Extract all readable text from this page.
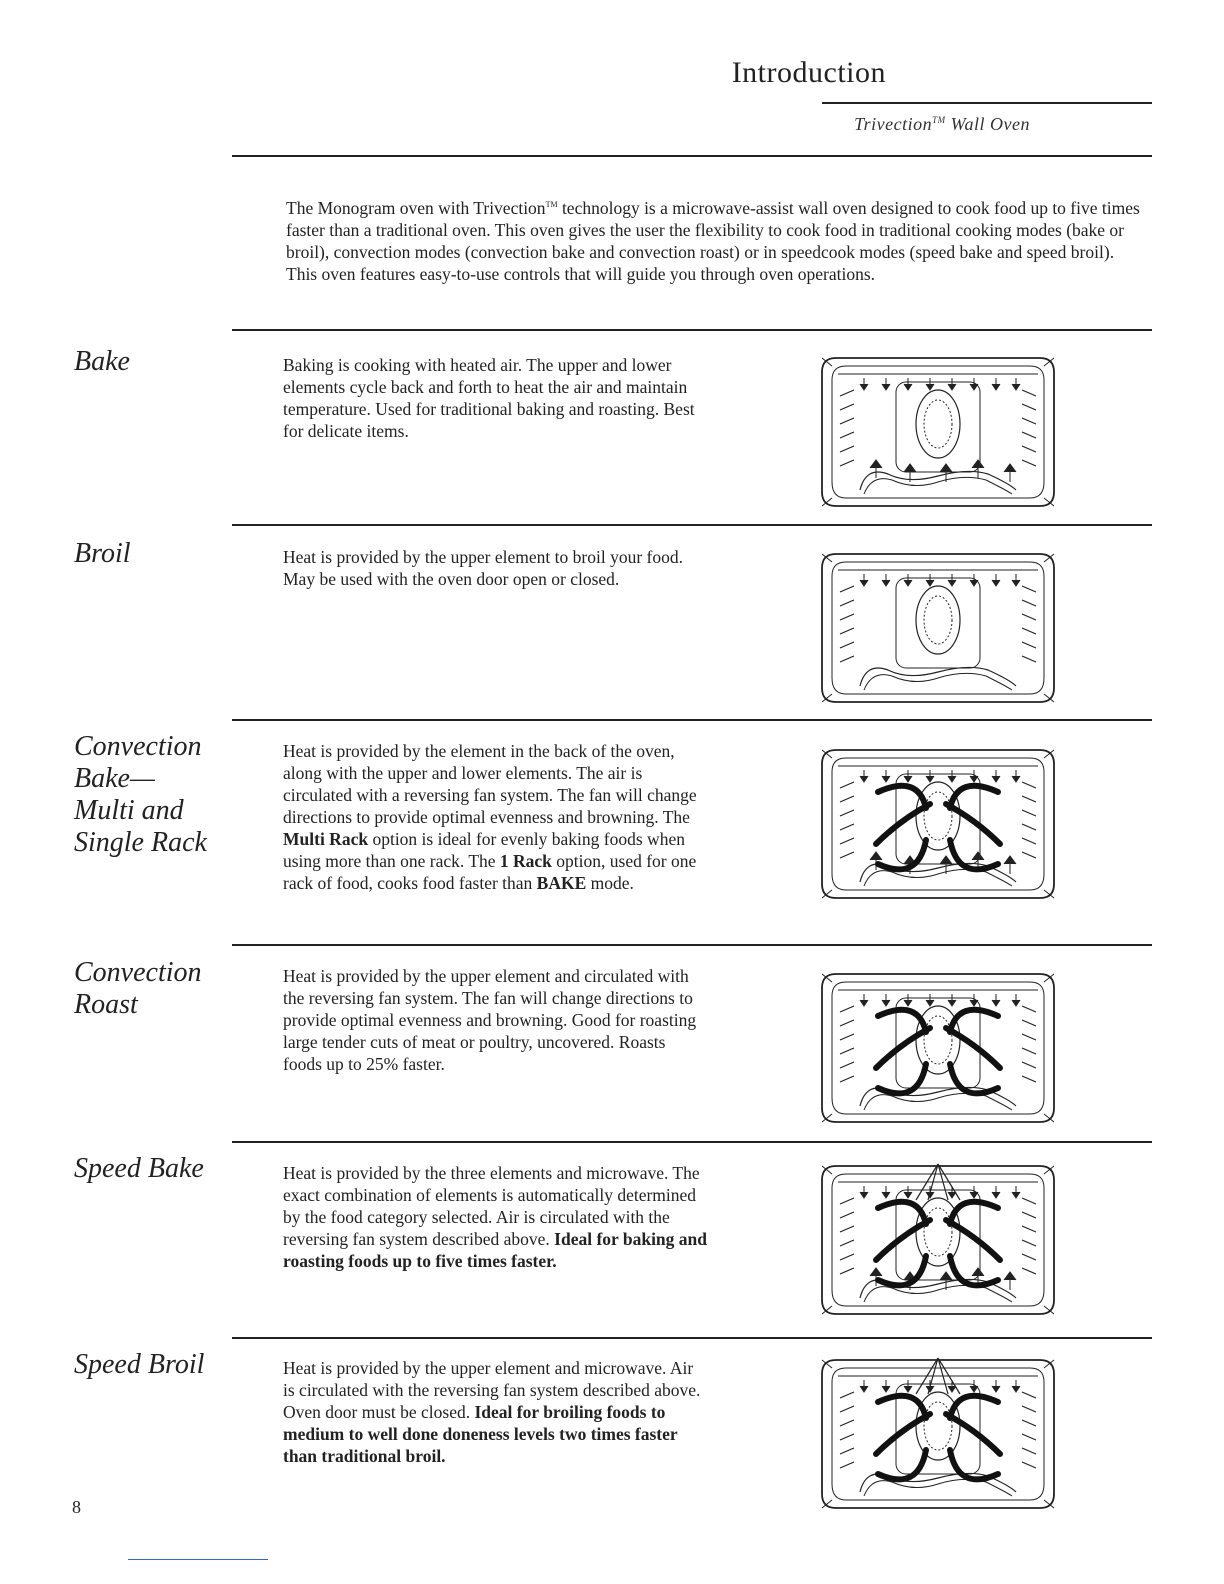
Introduction
Trivection™ Wall Oven
The Monogram oven with Trivection™ technology is a microwave-assist wall oven designed to cook food up to five times faster than a traditional oven. This oven gives the user the flexibility to cook food in traditional cooking modes (bake or broil), convection modes (convection bake and convection roast) or in speedcook modes (speed bake and speed broil). This oven features easy-to-use controls that will guide you through oven operations.
Bake	Baking is cooking with heated air. The upper and lower elements cycle back and forth to heat the air and maintain temperature. Used for traditional baking and roasting. Best for delicate items.
Broil	Heat is provided by the upper element to broil your food. May be used with the oven door open or closed.
Convection
Bake—
Multi and
Single Rack
Heat is provided by the element in the back of the oven, along with the upper and lower elements. The air is circulated with a reversing fan system. The fan will change directions to provide optimal evenness and browning. The Multi Rack option is ideal for evenly baking foods when using more than one rack. The 1 Rack option, used for one rack of food, cooks food faster than BAKE mode.
Convection
Roast
Heat is provided by the upper element and circulated with the reversing fan system. The fan will change directions to provide optimal evenness and browning. Good for roasting large tender cuts of meat or poultry, uncovered. Roasts foods up to 25% faster.
Speed Bake	Heat is provided by the three elements and microwave. The exact combination of elements is automatically determined by the food category selected. Air is circulated with the reversing fan system described above. Ideal for baking and roasting foods up to five times faster.
Speed Broil	Heat is provided by the upper element and microwave. Air is circulated with the reversing fan system described above. Oven door must be closed. Ideal for broiling foods to medium to well done doneness levels two times faster than traditional broil.
8
